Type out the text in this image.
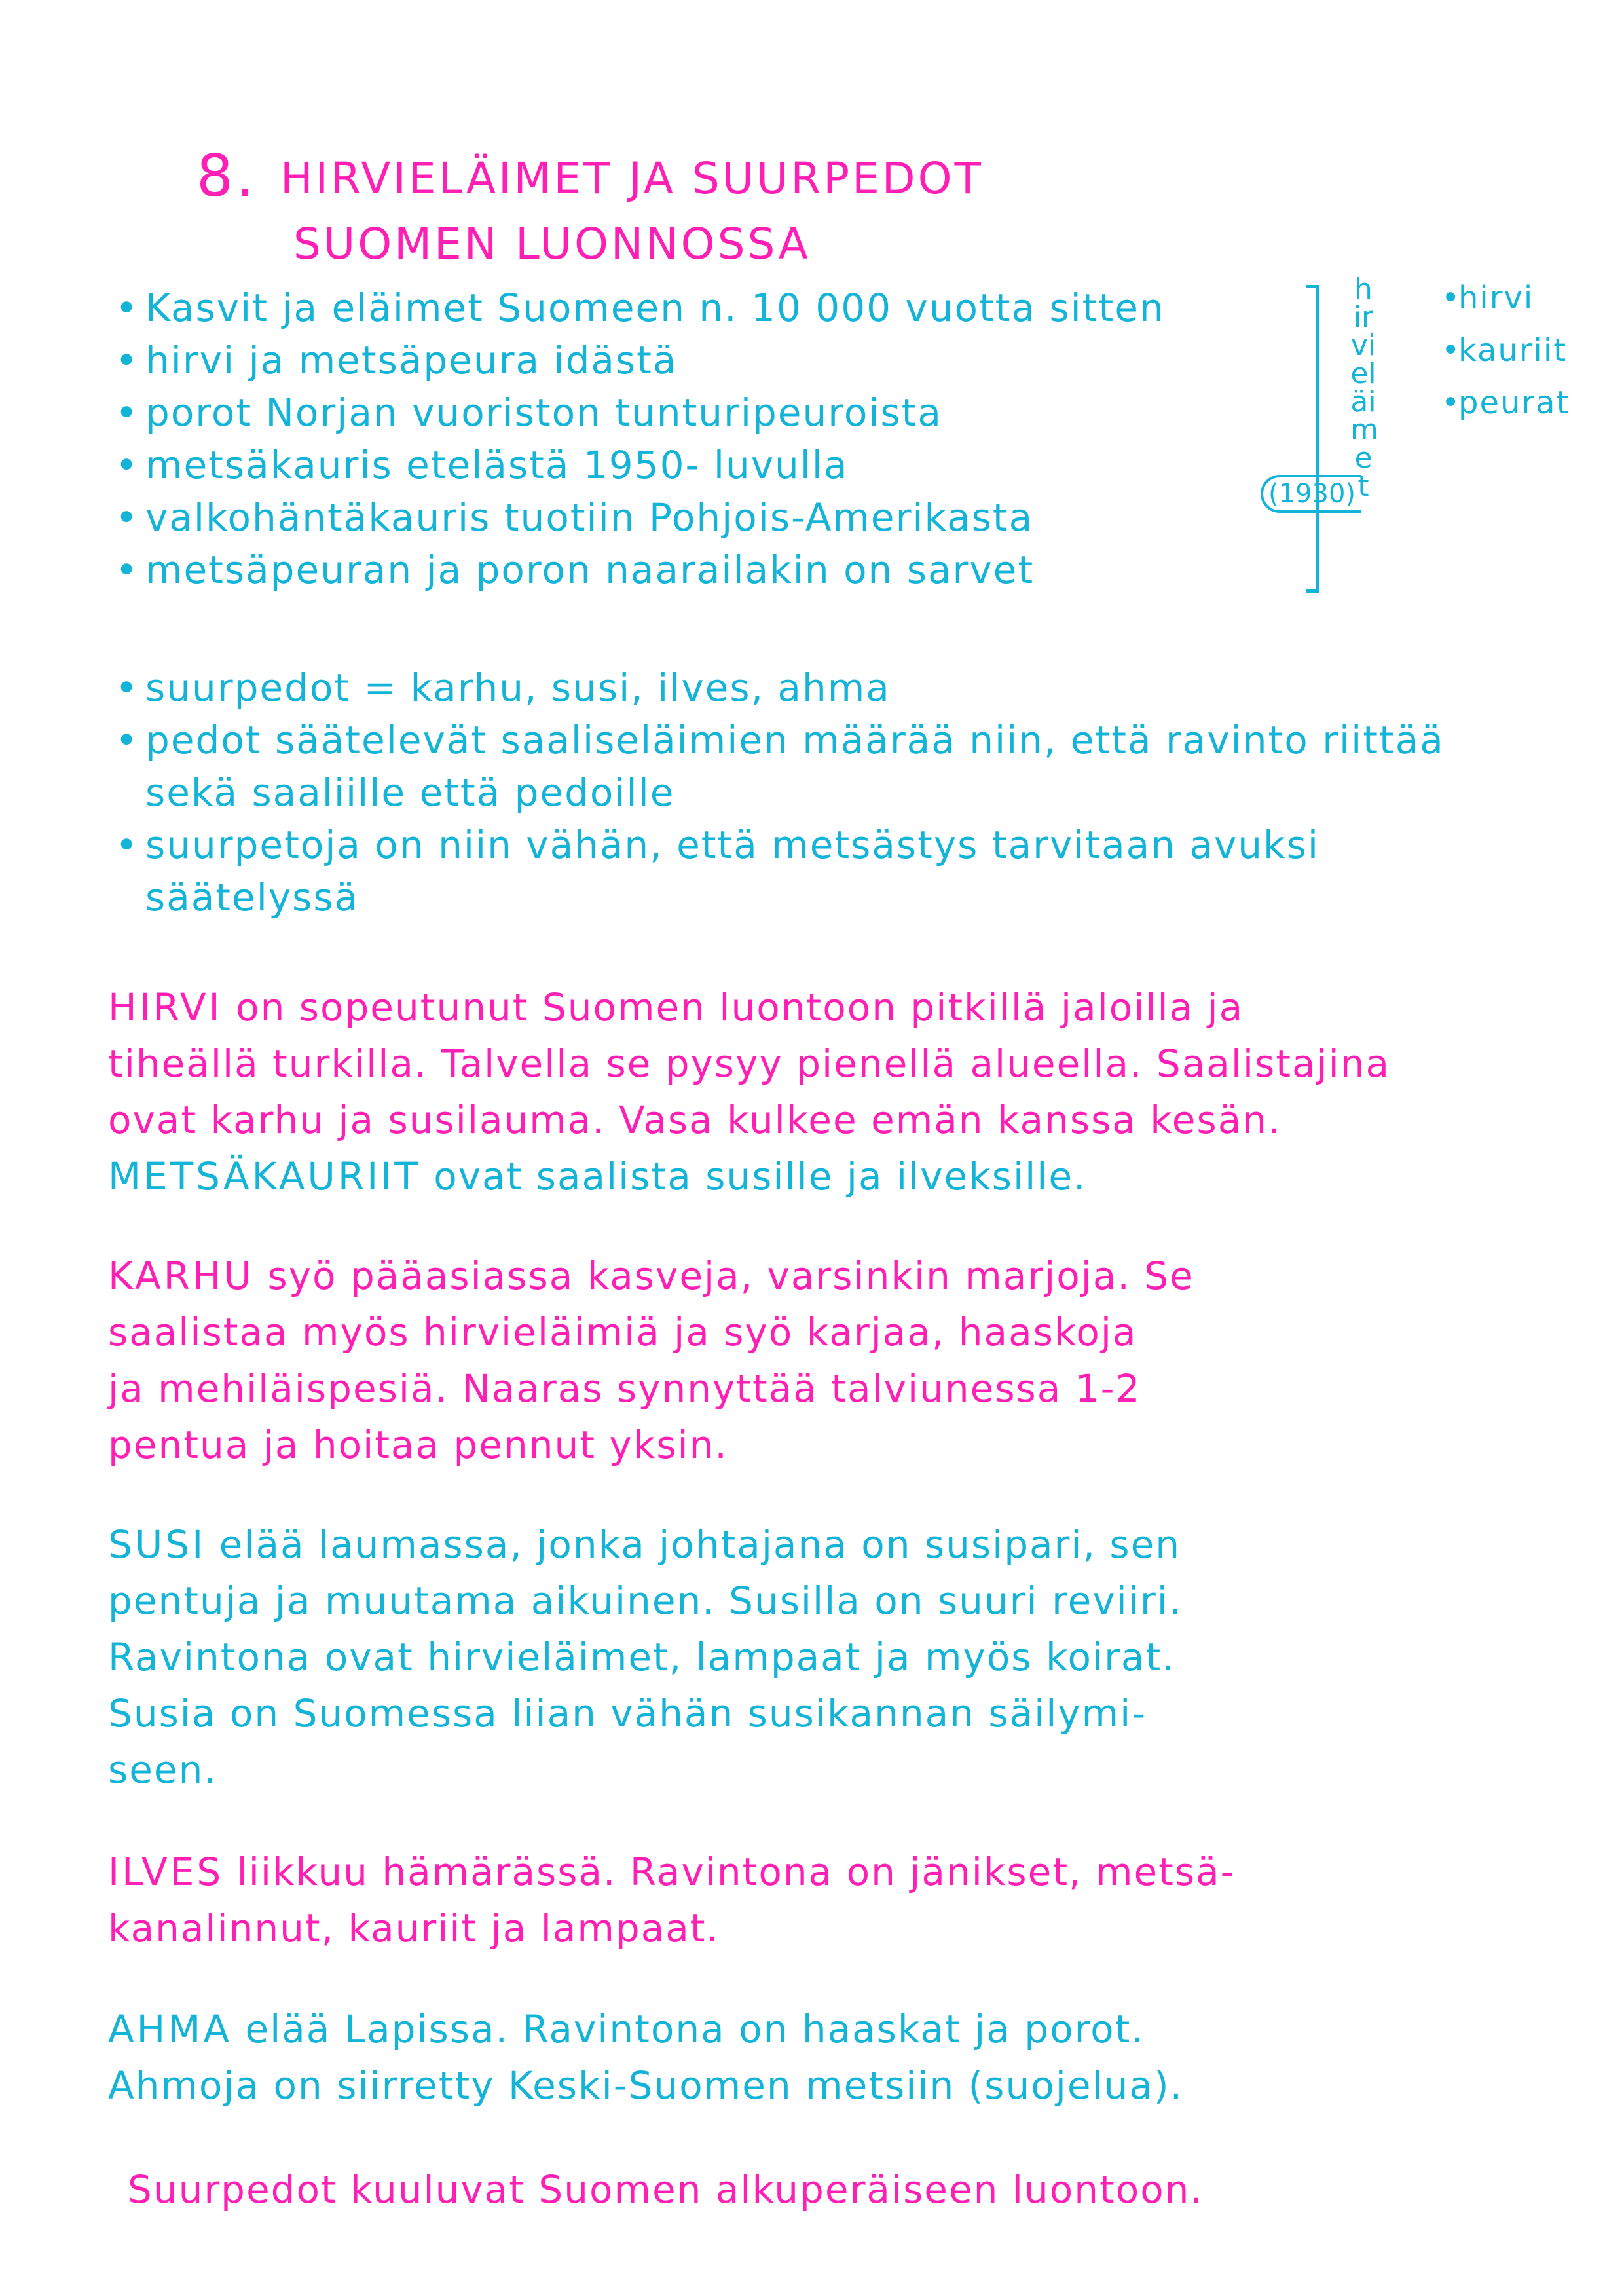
8. HIRVIELÄIMET JA SUURPEDOT
SUOMEN LUONNOSSA
• Kasvit ja eläimet Suomeen n. 10 000 vuotta sitten
• hirvi ja metsäpeura idästä
• porot Norjan vuoriston tunturipeuroista
• metsäkauris etelästä 1950- luvulla
• valkohäntäkauris tuotiin Pohjois-Amerikasta
• metsäpeuran ja poron naarailakin on sarvet
(1930)
hirvieläimet
• hirvi
• kauriit
• peurat
• suurpedot = karhu, susi, ilves, ahma
• pedot säätelevät saaliseläimien määrää niin, että ravinto riittää sekä saaliille että pedoille
• suurpetoja on niin vähän, että metsästys tarvitaan avuksi säätelyssä

HIRVI on sopeutunut Suomen luontoon pitkillä jaloilla ja
tiheällä turkilla. Talvella se pysyy pienellä alueella. Saalistajina
ovat karhu ja susilauma. Vasa kulkee emän kanssa kesän.
METSÄKAURIIT ovat saalista susille ja ilveksille.

KARHU syö pääasiassa kasveja, varsinkin marjoja. Se
saalistaa myös hirvieläimiä ja syö karjaa, haaskoja
ja mehiläispesiä. Naaras synnyttää talviunessa 1-2
pentua ja hoitaa pennut yksin.

SUSI elää laumassa, jonka johtajana on susipari, sen
pentuja ja muutama aikuinen. Susilla on suuri reviiri.
Ravintona ovat hirvieläimet, lampaat ja myös koirat.
Susia on Suomessa liian vähän susikannan säilymi-
seen.

ILVES liikkuu hämärässä. Ravintona on jänikset, metsä-
kanalinnut, kauriit ja lampaat.

AHMA elää Lapissa. Ravintona on haaskat ja porot.
Ahmoja on siirretty Keski-Suomen metsiin (suojelua).

Suurpedot kuuluvat Suomen alkuperäiseen luontoon.
